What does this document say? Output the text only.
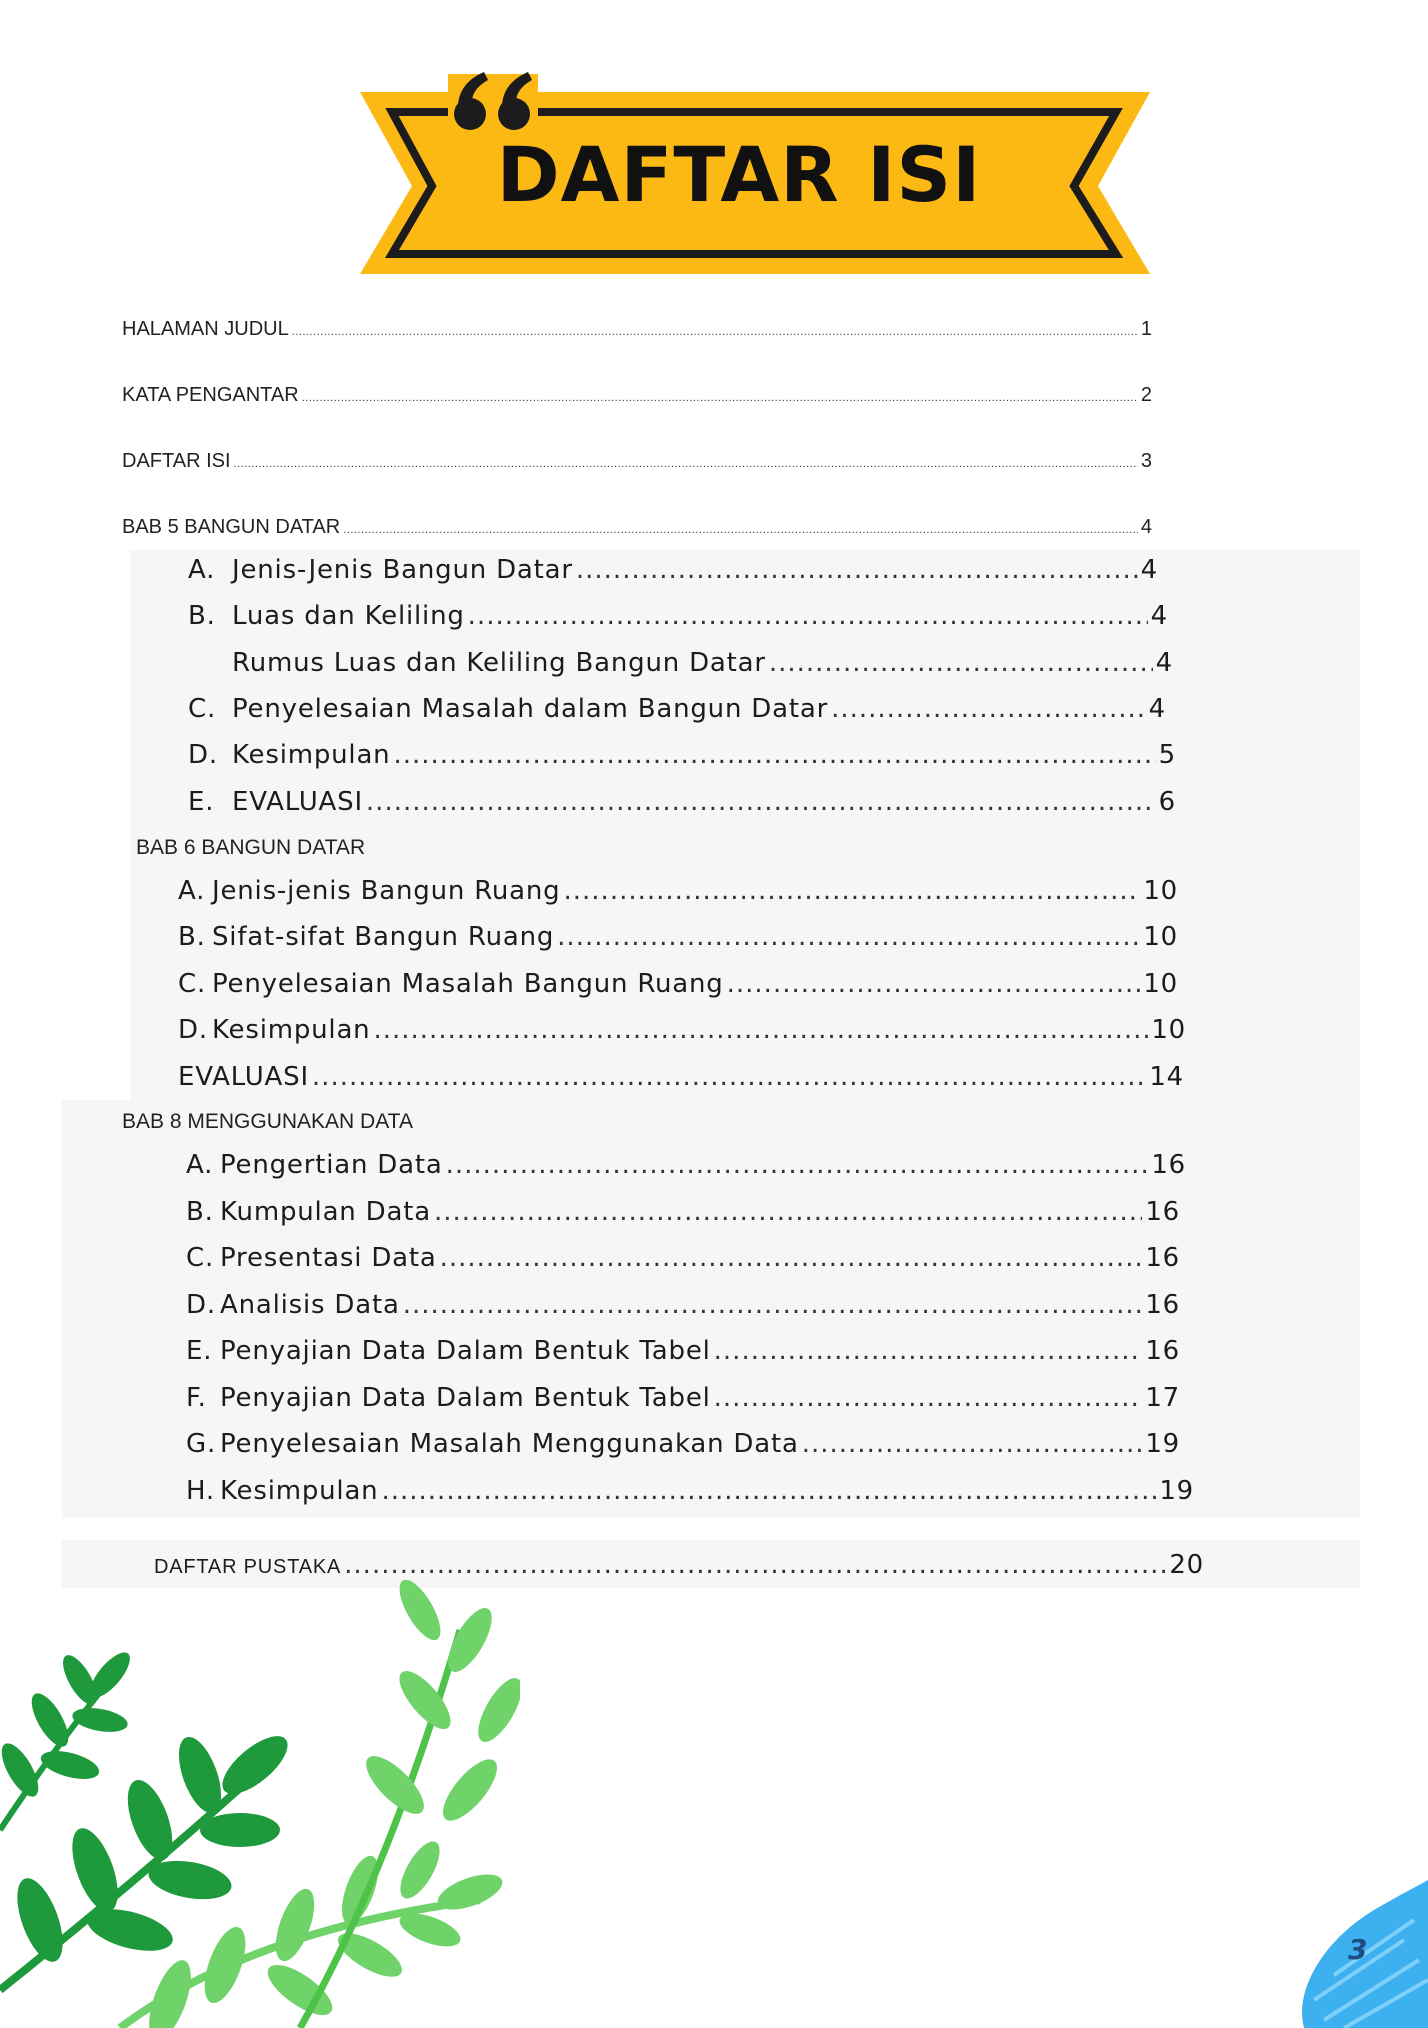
DAFTAR ISI
HALAMAN JUDUL .....	1
KATA PENGANTAR .....	2
DAFTAR ISI .....	3
BAB 5 BANGUN DATAR .....	4
A. Jenis-Jenis Bangun Datar .....	4
B. Luas dan Keliling .....	4
Rumus Luas dan Keliling Bangun Datar .....	4
C. Penyelesaian Masalah dalam Bangun Datar .....	4
D. Kesimpulan .....	5
E. EVALUASI .....	6
BAB 6 BANGUN DATAR
A. Jenis-jenis Bangun Ruang .....	10
B. Sifat-sifat Bangun Ruang .....	10
C. Penyelesaian Masalah Bangun Ruang .....	10
D. Kesimpulan .....	10
EVALUASI .....	14
BAB 8 MENGGUNAKAN DATA
A. Pengertian Data .....	16
B. Kumpulan Data .....	16
C. Presentasi Data .....	16
D. Analisis Data .....	16
E. Penyajian Data Dalam Bentuk Tabel .....	16
F. Penyajian Data Dalam Bentuk Tabel .....	17
G. Penyelesaian Masalah Menggunakan Data .....	19
H. Kesimpulan .....	19
DAFTAR PUSTAKA .....	20
3
